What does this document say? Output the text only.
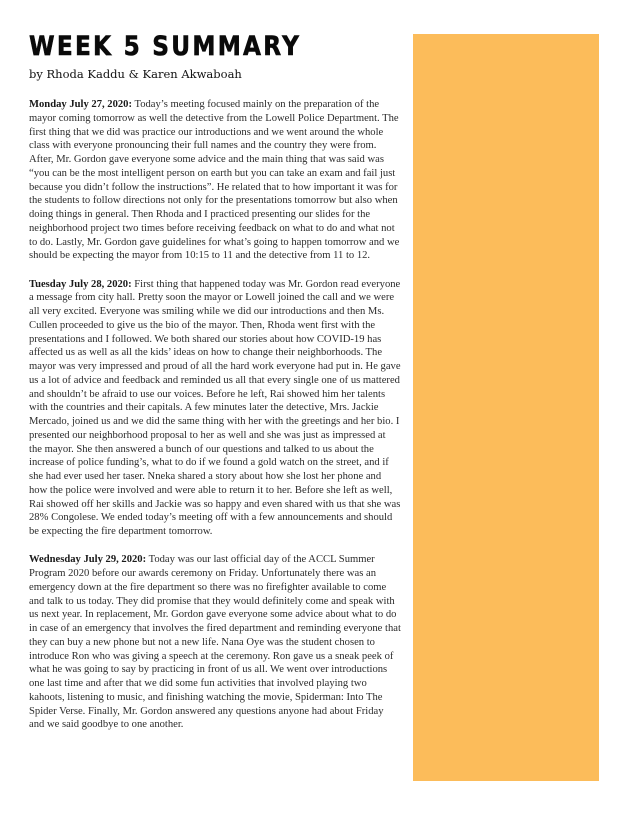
WEEK 5 SUMMARY

by Rhoda Kaddu & Karen Akwaboah

Monday July 27, 2020: Today’s meeting focused mainly on the preparation of the mayor coming tomorrow as well the detective from the Lowell Police Department. The first thing that we did was practice our introductions and we went around the whole class with everyone pronouncing their full names and the country they were from. After, Mr. Gordon gave everyone some advice and the main thing that was said was “you can be the most intelligent person on earth but you can take an exam and fail just because you didn’t follow the instructions”. He related that to how important it was for the students to follow directions not only for the presentations tomorrow but also when doing things in general. Then Rhoda and I practiced presenting our slides for the neighborhood project two times before receiving feedback on what to do and what not to do. Lastly, Mr. Gordon gave guidelines for what’s going to happen tomorrow and we should be expecting the mayor from 10:15 to 11 and the detective from 11 to 12.

Tuesday July 28, 2020: First thing that happened today was Mr. Gordon read everyone a message from city hall. Pretty soon the mayor or Lowell joined the call and we were all very excited. Everyone was smiling while we did our introductions and then Ms. Cullen proceeded to give us the bio of the mayor. Then, Rhoda went first with the presentations and I followed. We both shared our stories about how COVID-19 has affected us as well as all the kids’ ideas on how to change their neighborhoods. The mayor was very impressed and proud of all the hard work everyone had put in. He gave us a lot of advice and feedback and reminded us all that every single one of us mattered and shouldn’t be afraid to use our voices. Before he left, Rai showed him her talents with the countries and their capitals. A few minutes later the detective, Mrs. Jackie Mercado, joined us and we did the same thing with her with the greetings and her bio. I presented our neighborhood proposal to her as well and she was just as impressed at the mayor. She then answered a bunch of our questions and talked to us about the increase of police funding’s, what to do if we found a gold watch on the street, and if she had ever used her taser. Nneka shared a story about how she lost her phone and how the police were involved and were able to return it to her. Before she left as well, Rai showed off her skills and Jackie was so happy and even shared with us that she was 28% Congolese. We ended today’s meeting off with a few announcements and should be expecting the fire department tomorrow.

Wednesday July 29, 2020: Today was our last official day of the ACCL Summer Program 2020 before our awards ceremony on Friday. Unfortunately there was an emergency down at the fire department so there was no firefighter available to come and talk to us today. They did promise that they would definitely come and speak with us next year. In replacement, Mr. Gordon gave everyone some advice about what to do in case of an emergency that involves the fired department and reminding everyone that they can buy a new phone but not a new life. Nana Oye was the student chosen to introduce Ron who was giving a speech at the ceremony. Ron gave us a sneak peek of what he was going to say by practicing in front of us all. We went over introductions one last time and after that we did some fun activities that involved playing two kahoots, listening to music, and finishing watching the movie, Spiderman: Into The Spider Verse. Finally, Mr. Gordon answered any questions anyone had about Friday and we said goodbye to one another.
